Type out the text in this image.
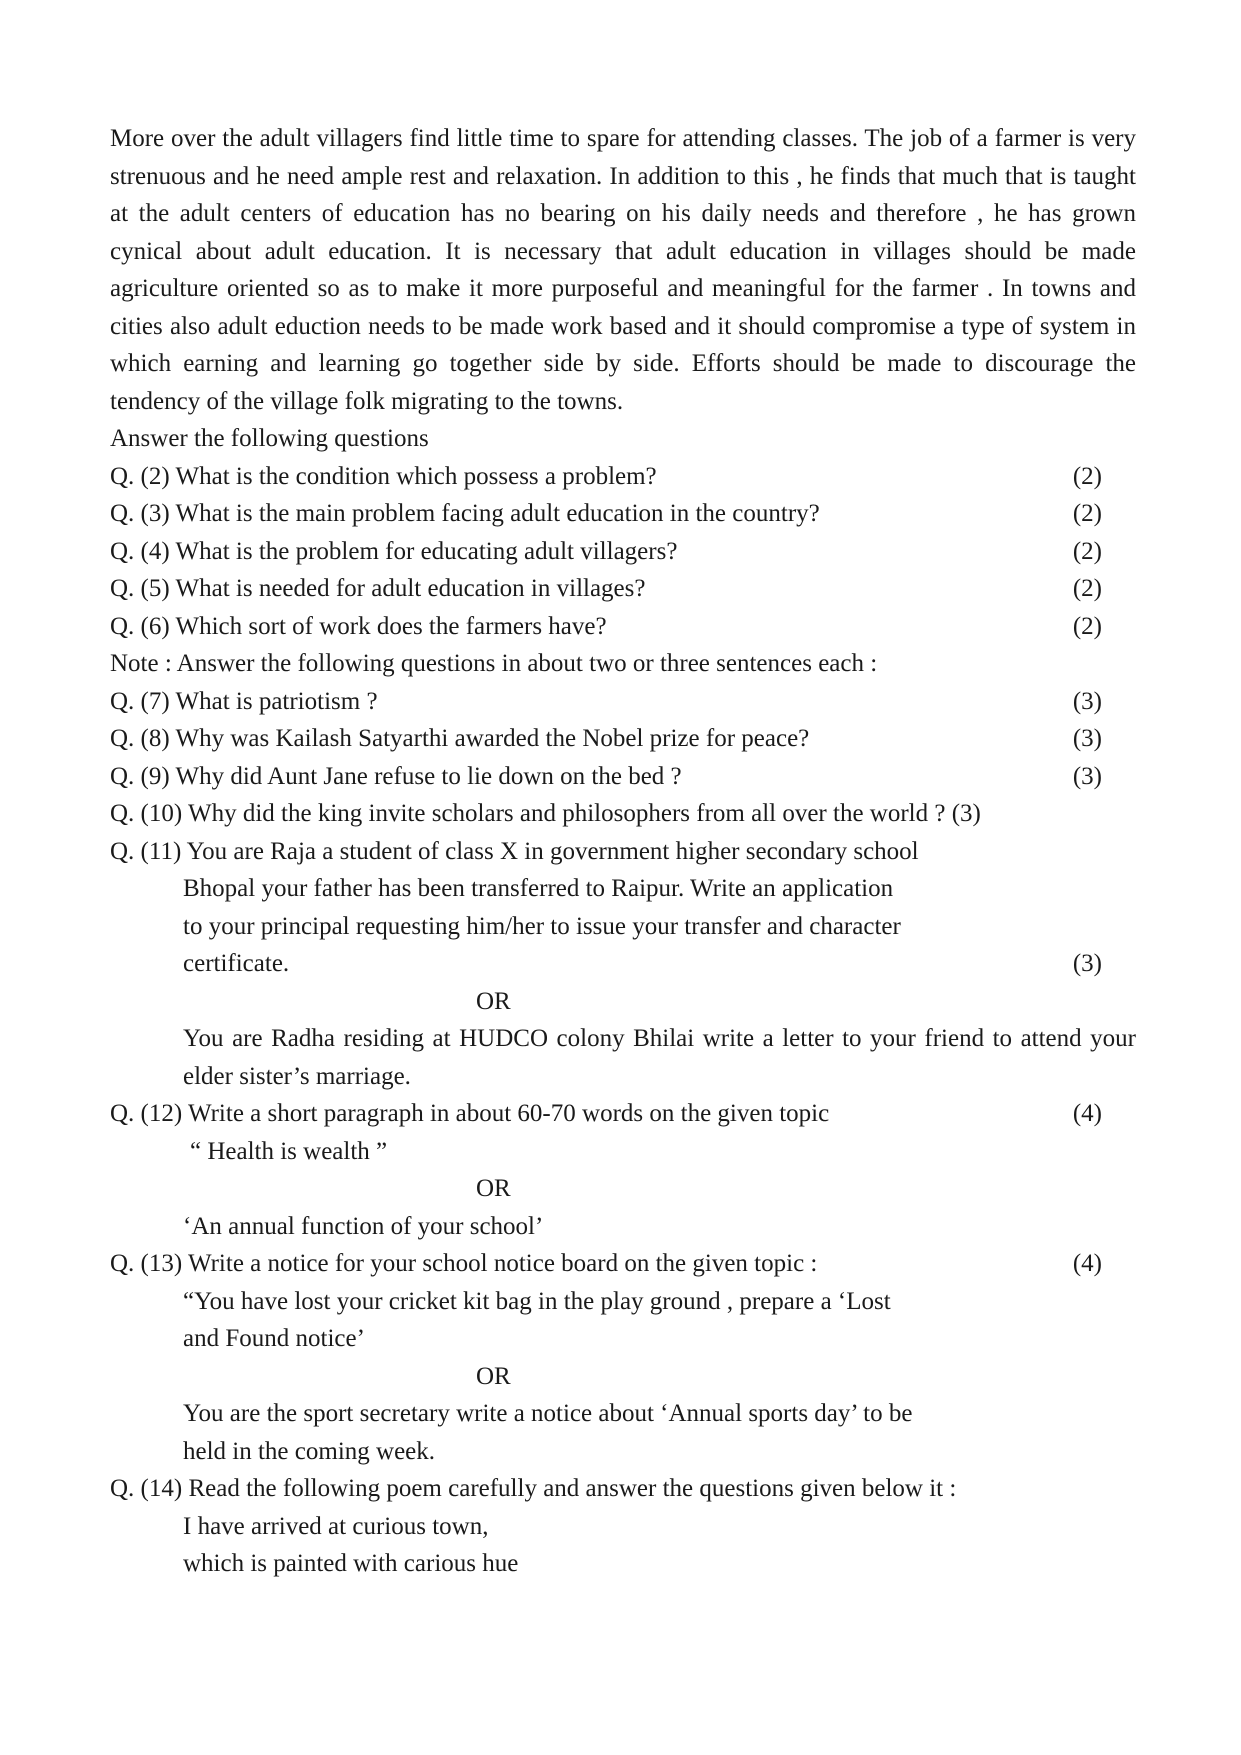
More over the adult villagers find little time to spare for attending classes. The job of a farmer is very strenuous and he need ample rest and relaxation. In addition to this , he finds that much that is taught at the adult centers of education has no bearing on his daily needs and therefore , he has grown cynical about adult education. It is necessary that adult education in villages should be made agriculture oriented so as to make it more purposeful and meaningful for the farmer . In towns and cities also adult eduction needs to be made work based and it should compromise a type of system in which earning and learning go together side by side. Efforts should be made to discourage the tendency of the village folk migrating to the towns.

Answer the following questions
Q. (2) What is the condition which possess a problem?	(2)
Q. (3) What is the main problem facing adult education in the country?	(2)
Q. (4) What is the problem for educating adult villagers?	(2)
Q. (5) What is needed for adult education in villages?	(2)
Q. (6) Which sort of work does the farmers have?	(2)
Note : Answer the following questions in about two or three sentences each :
Q. (7) What is patriotism ?	(3)
Q. (8) Why was Kailash Satyarthi awarded the Nobel prize for peace?	(3)
Q. (9) Why did Aunt Jane refuse to lie down on the bed ?	(3)
Q. (10) Why did the king invite scholars and philosophers from all over the world ? (3)
Q. (11) You are Raja a student of class X in government higher secondary school
Bhopal your father has been transferred to Raipur. Write an application
to your principal requesting him/her to issue your transfer and character
certificate.	(3)
OR
You are Radha residing at HUDCO colony Bhilai write a letter to your friend to attend your elder sister’s marriage.
Q. (12) Write a short paragraph in about 60-70 words on the given topic	(4)
“ Health is wealth ”
OR
‘An annual function of your school’
Q. (13) Write a notice for your school notice board on the given topic :	(4)
“You have lost your cricket kit bag in the play ground , prepare a ‘Lost
and Found notice’
OR
You are the sport secretary write a notice about ‘Annual sports day’ to be
held in the coming week.
Q. (14) Read the following poem carefully and answer the questions given below it :
I have arrived at curious town,
which is painted with carious hue
